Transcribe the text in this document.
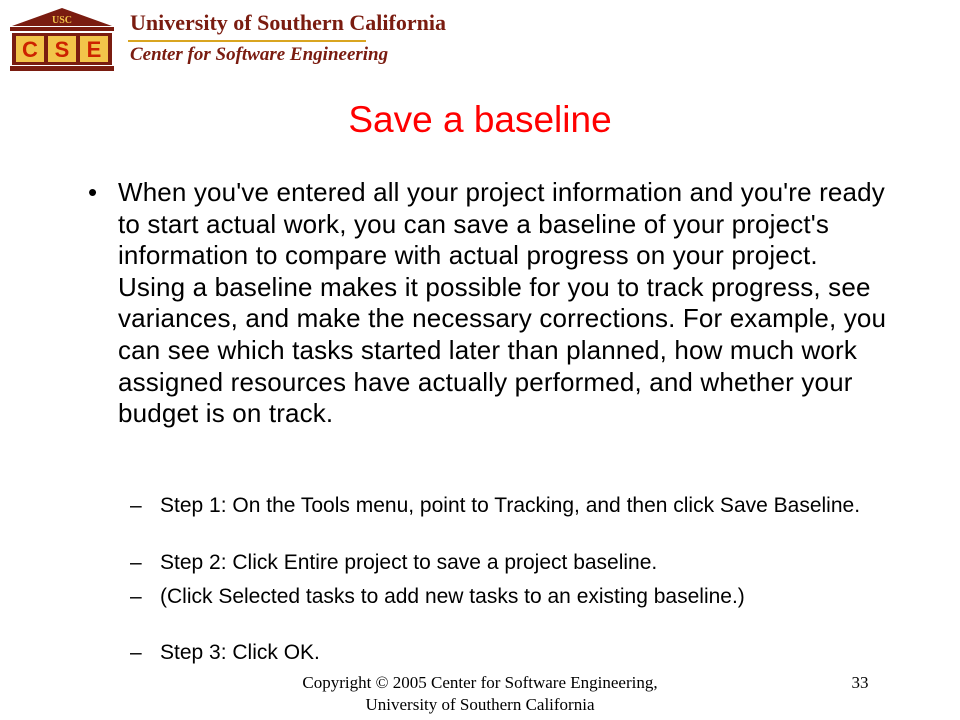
USC
C S E
University of Southern California
Center for Software Engineering
Save a baseline
• When you've entered all your project information and you're ready to start actual work, you can save a baseline of your project's information to compare with actual progress on your project. Using a baseline makes it possible for you to track progress, see variances, and make the necessary corrections. For example, you can see which tasks started later than planned, how much work assigned resources have actually performed, and whether your budget is on track.
– Step 1: On the Tools menu, point to Tracking, and then click Save Baseline.
– Step 2: Click Entire project to save a project baseline.
– (Click Selected tasks to add new tasks to an existing baseline.)
– Step 3: Click OK.
Copyright © 2005 Center for Software Engineering,
University of Southern California
33
